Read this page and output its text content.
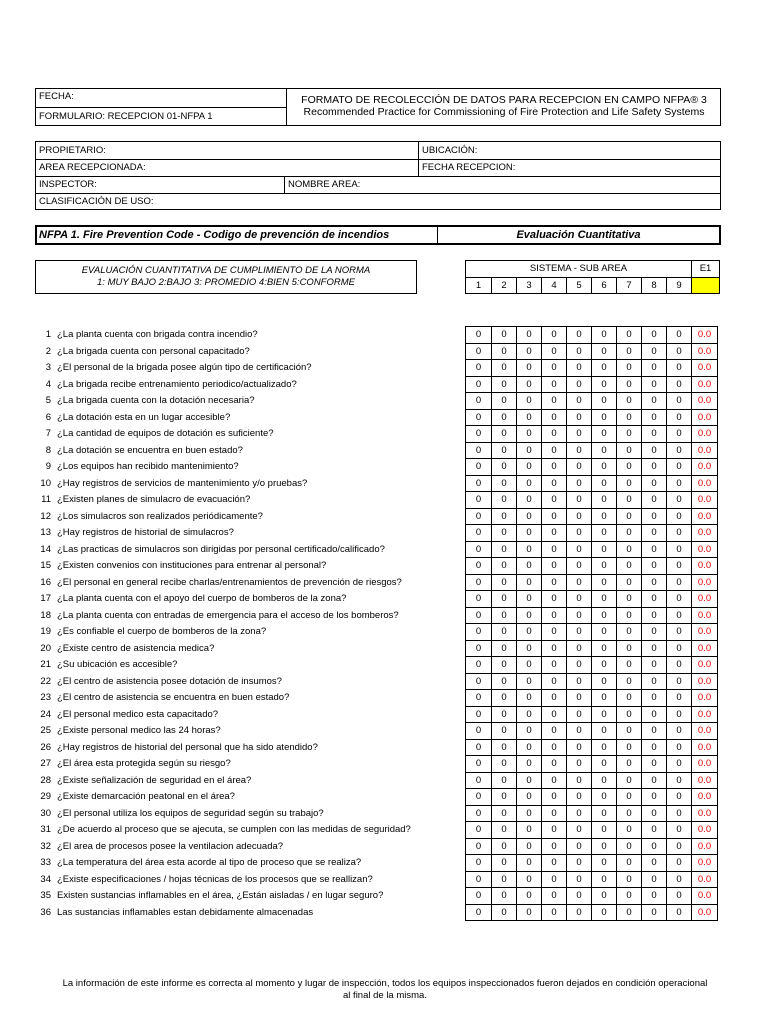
FECHA:
FORMULARIO: RECEPCION 01-NFPA 1
FORMATO DE RECOLECCIÓN DE DATOS PARA RECEPCION EN CAMPO NFPA® 3
Recommended Practice for Commissioning of Fire Protection and Life Safety Systems
PROPIETARIO:	UBICACIÓN:
AREA RECEPCIONADA:	FECHA RECEPCION:
INSPECTOR:	NOMBRE AREA:
CLASIFICACIÓN DE USO:
NFPA 1. Fire Prevention Code - Codigo de prevención de incendios	Evaluación Cuantitativa
EVALUACIÓN CUANTITATIVA DE CUMPLIMIENTO DE LA NORMA
1: MUY BAJO 2:BAJO 3: PROMEDIO 4:BIEN 5:CONFORME
SISTEMA - SUB AREA	E1
1	2	3	4	5	6	7	8	9
1 ¿La planta cuenta con brigada contra incendio?	0	0	0	0	0	0	0	0	0	0.0
2 ¿La brigada cuenta con personal capacitado?	0	0	0	0	0	0	0	0	0	0.0
3 ¿El personal de la brigada posee algún tipo de certificación?	0	0	0	0	0	0	0	0	0	0.0
4 ¿La brigada recibe entrenamiento periodico/actualizado?	0	0	0	0	0	0	0	0	0	0.0
5 ¿La brigada cuenta con la dotación necesaria?	0	0	0	0	0	0	0	0	0	0.0
6 ¿La dotación esta en un lugar accesible?	0	0	0	0	0	0	0	0	0	0.0
7 ¿La cantidad de equipos de dotación es suficiente?	0	0	0	0	0	0	0	0	0	0.0
8 ¿La dotación se encuentra en buen estado?	0	0	0	0	0	0	0	0	0	0.0
9 ¿Los equipos han recibido mantenimiento?	0	0	0	0	0	0	0	0	0	0.0
10 ¿Hay registros de servicios de mantenimiento y/o pruebas?	0	0	0	0	0	0	0	0	0	0.0
11 ¿Existen planes de simulacro de evacuación?	0	0	0	0	0	0	0	0	0	0.0
12 ¿Los simulacros son realizados periódicamente?	0	0	0	0	0	0	0	0	0	0.0
13 ¿Hay registros de historial de simulacros?	0	0	0	0	0	0	0	0	0	0.0
14 ¿Las practicas de simulacros son dirigidas por personal certificado/calificado?	0	0	0	0	0	0	0	0	0	0.0
15 ¿Existen convenios con instituciones para entrenar al personal?	0	0	0	0	0	0	0	0	0	0.0
16 ¿El personal en general recibe charlas/entrenamientos de prevención de riesgos?	0	0	0	0	0	0	0	0	0	0.0
17 ¿La planta cuenta con el apoyo del cuerpo de bomberos de la zona?	0	0	0	0	0	0	0	0	0	0.0
18 ¿La planta cuenta con entradas de emergencia para el acceso de los bomberos?	0	0	0	0	0	0	0	0	0	0.0
19 ¿Es confiable el cuerpo de bomberos de la zona?	0	0	0	0	0	0	0	0	0	0.0
20 ¿Existe centro de asistencia medica?	0	0	0	0	0	0	0	0	0	0.0
21 ¿Su ubicación es accesible?	0	0	0	0	0	0	0	0	0	0.0
22 ¿El centro de asistencia posee dotación de insumos?	0	0	0	0	0	0	0	0	0	0.0
23 ¿El centro de asistencia se encuentra en buen estado?	0	0	0	0	0	0	0	0	0	0.0
24 ¿El personal medico esta capacitado?	0	0	0	0	0	0	0	0	0	0.0
25 ¿Existe personal medico las 24 horas?	0	0	0	0	0	0	0	0	0	0.0
26 ¿Hay registros de historial del personal que ha sido atendido?	0	0	0	0	0	0	0	0	0	0.0
27 ¿El área esta protegida según su riesgo?	0	0	0	0	0	0	0	0	0	0.0
28 ¿Existe señalización de seguridad en el área?	0	0	0	0	0	0	0	0	0	0.0
29 ¿Existe demarcación peatonal en el área?	0	0	0	0	0	0	0	0	0	0.0
30 ¿El personal utiliza los equipos de seguridad según su trabajo?	0	0	0	0	0	0	0	0	0	0.0
31 ¿De acuerdo al proceso que se ajecuta, se cumplen con las medidas de seguridad?	0	0	0	0	0	0	0	0	0	0.0
32 ¿El area de procesos posee la ventilacion adecuada?	0	0	0	0	0	0	0	0	0	0.0
33 ¿La temperatura del área esta acorde al tipo de proceso que se realiza?	0	0	0	0	0	0	0	0	0	0.0
34 ¿Existe especificaciones / hojas técnicas de los procesos que se reallizan?	0	0	0	0	0	0	0	0	0	0.0
35 Existen sustancias inflamables en el área, ¿Están aisladas / en lugar seguro?	0	0	0	0	0	0	0	0	0	0.0
36 Las sustancias inflamables estan debidamente almacenadas	0	0	0	0	0	0	0	0	0	0.0
La información de este informe es correcta al momento y lugar de inspección, todos los equipos inspeccionados fueron dejados en condición operacional al final de la misma.
